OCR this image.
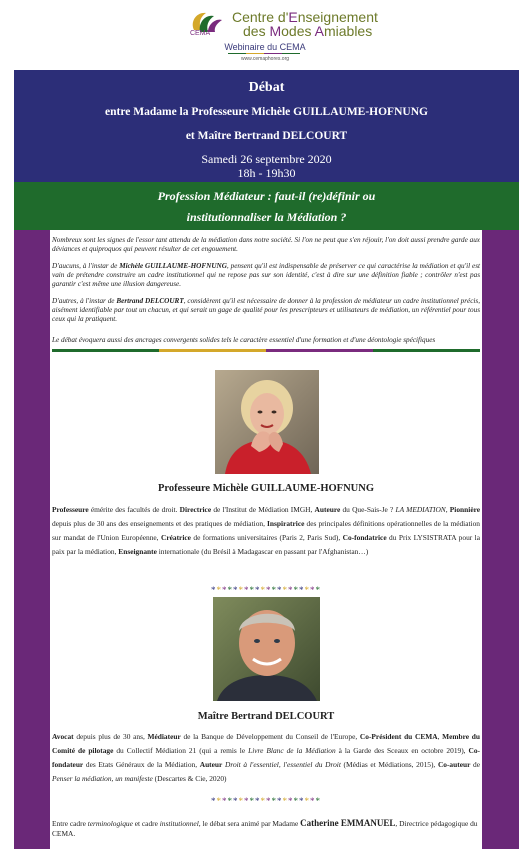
CEMA
Centre d'Enseignement
des Modes Amiables
Webinaire du CEMA
www.cemaphores.org
Débat
entre Madame la Professeure Michèle GUILLAUME-HOFNUNG
et Maître Bertrand DELCOURT
Samedi 26 septembre 2020
18h - 19h30
Profession Médiateur : faut-il (re)définir ou
institutionnaliser la Médiation ?

Nombreux sont les signes de l'essor tant attendu de la médiation dans notre société. Si l'on ne peut que s'en réjouir, l'on doit aussi prendre garde aux déviances et quiproquos qui peuvent résulter de cet engouement.

D'aucuns, à l'instar de Michèle GUILLAUME-HOFNUNG, pensent qu'il est indispensable de préserver ce qui caractérise la médiation et qu'il est vain de prétendre construire un cadre institutionnel qui ne repose pas sur son identité, c'est à dire sur une définition fiable ; contrôler n'est pas garantir c'est même une illusion dangereuse.

D'autres, à l'instar de Bertrand DELCOURT, considèrent qu'il est nécessaire de donner à la profession de médiateur un cadre institutionnel précis, aisément identifiable par tout un chacun, et qui serait un gage de qualité pour les prescripteurs et utilisateurs de médiation, un référentiel pour tous ceux qui la pratiquent.

Le débat évoquera aussi des ancrages convergents solides tels le caractère essentiel d'une formation et d'une déontologie spécifiques

Professeure Michèle GUILLAUME-HOFNUNG
Professeure émérite des facultés de droit. Directrice de l'Institut de Médiation IMGH, Auteure du Que-Sais-Je ? LA MEDIATION, Pionnière depuis plus de 30 ans des enseignements et des pratiques de médiation, Inspiratrice des principales définitions opérationnelles de la médiation sur mandat de l'Union Européenne, Créatrice de formations universitaires (Paris 2, Paris Sud), Co-fondatrice du Prix LYSISTRATA pour la paix par la médiation, Enseignante internationale (du Brésil à Madagascar en passant par l'Afghanistan…)
********************
Maître Bertrand DELCOURT
Avocat depuis plus de 30 ans, Médiateur de la Banque de Développement du Conseil de l'Europe, Co-Président du CEMA, Membre du Comité de pilotage du Collectif Médiation 21 (qui a remis le Livre Blanc de la Médiation à la Garde des Sceaux en octobre 2019), Co-fondateur des Etats Généraux de la Médiation, Auteur Droit à l'essentiel, l'essentiel du Droit (Médias et Médiations, 2015), Co-auteur de Penser la médiation, un manifeste (Descartes & Cie, 2020)
********************
Entre cadre terminologique et cadre institutionnel, le débat sera animé par Madame Catherine EMMANUEL, Directrice pédagogique du CEMA.
